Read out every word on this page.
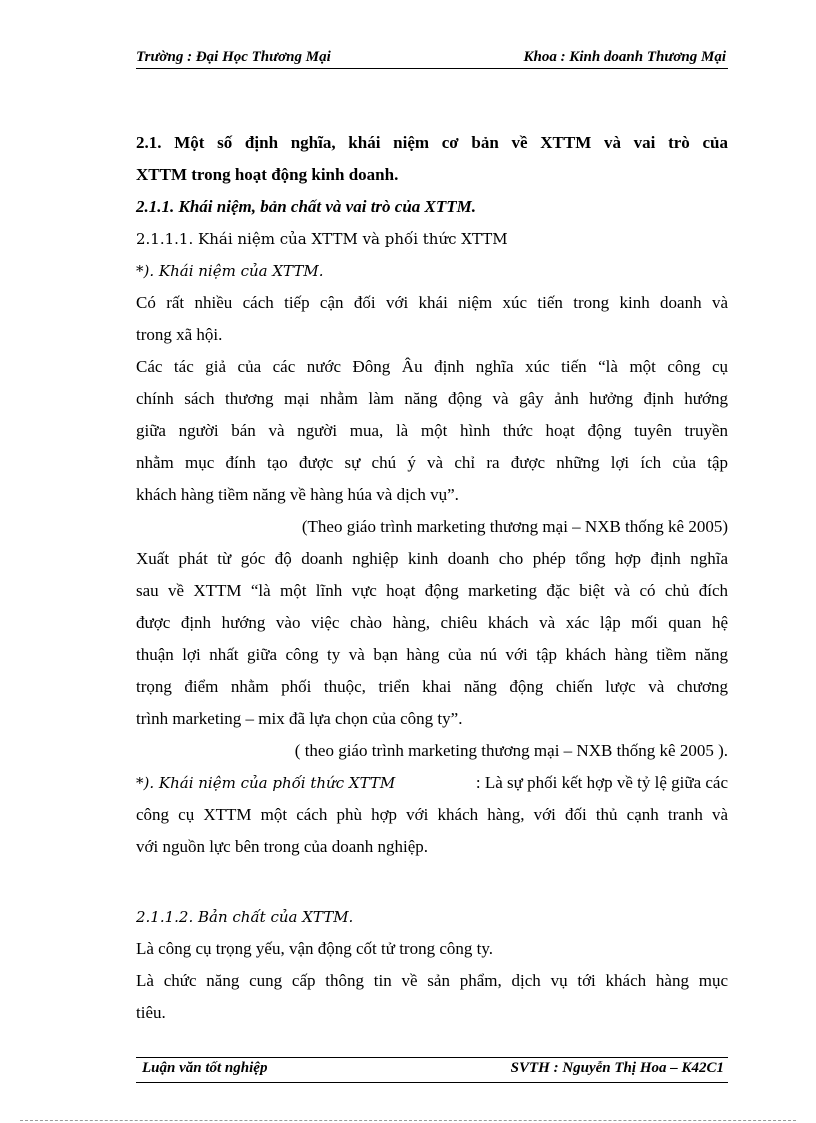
Trường : Đại Học Thương Mại	Khoa : Kinh doanh Thương Mại
2.1. Một số định nghĩa, khái niệm cơ bản về XTTM và vai trò của
XTTM trong hoạt động kinh doanh.
2.1.1. Khái niệm, bản chất và vai trò của XTTM.
2.1.1.1. Khái niệm của XTTM và phối thức XTTM
*). Khái niệm của XTTM.
Có rất nhiều cách tiếp cận đối với khái niệm xúc tiến trong kinh doanh và
trong xã hội.
Các tác giả của các nước Đông Âu định nghĩa xúc tiến “là một công cụ
chính sách thương mại nhằm làm năng động và gây ảnh hưởng định hướng
giữa người bán và người mua, là một hình thức hoạt động tuyên truyền
nhằm mục đính tạo được sự chú ý và chỉ ra được những lợi ích của tập
khách hàng tiềm năng về hàng húa và dịch vụ”.
(Theo giáo trình marketing thương mại – NXB thống kê 2005)
Xuất phát từ góc độ doanh nghiệp kinh doanh cho phép tổng hợp định nghĩa
sau về XTTM “là một lĩnh vực hoạt động marketing đặc biệt và có chủ đích
được định hướng vào việc chào hàng, chiêu khách và xác lập mối quan hệ
thuận lợi nhất giữa công ty và bạn hàng của nú với tập khách hàng tiềm năng
trọng điểm nhằm phối thuộc, triển khai năng động chiến lược và chương
trình marketing – mix đã lựa chọn của công ty”.
( theo giáo trình marketing thương mại – NXB thống kê 2005 ).
*). Khái niệm của phối thức XTTM	: Là sự phối kết hợp về tỷ lệ giữa các
công cụ XTTM một cách phù hợp với khách hàng, với đối thủ cạnh tranh và
với nguồn lực bên trong của doanh nghiệp.
2.1.1.2. Bản chất của XTTM.
Là công cụ trọng yếu, vận động cốt tử trong công ty.
Là chức năng cung cấp thông tin về sản phẩm, dịch vụ tới khách hàng mục
tiêu.
Luận văn tốt nghiệp	SVTH : Nguyễn Thị Hoa – K42C1
